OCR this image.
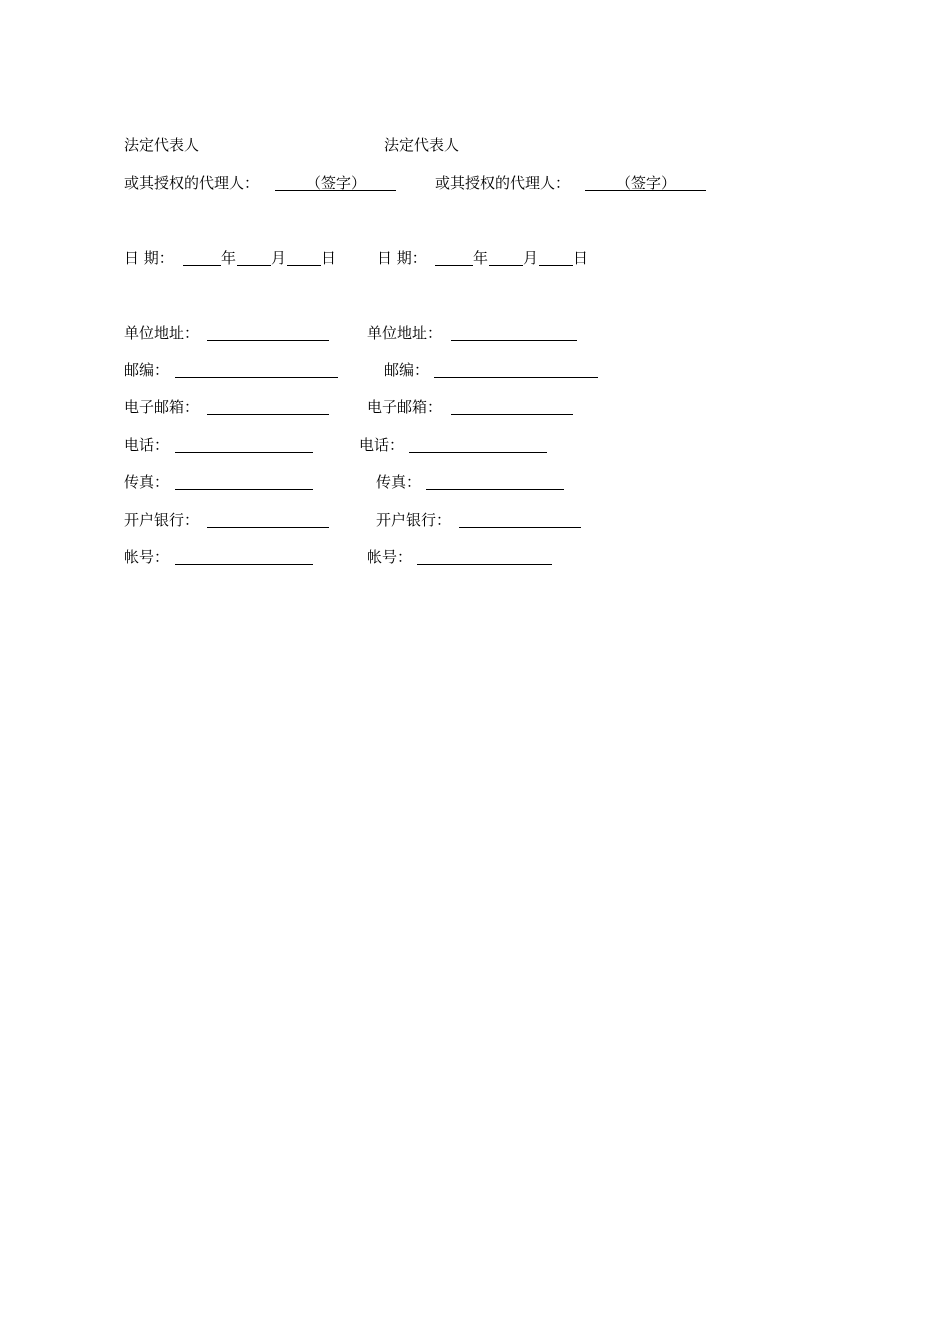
法定代表人	法定代表人
或其授权的代理人：	（签字）	或其授权的代理人：	（签字）
日 期：	年 月 日	日 期：	年 月 日
单位地址：	单位地址：
邮编：	邮编：
电子邮箱：	电子邮箱：
电话：	电话：
传真：	传真：
开户银行：	开户银行：
帐号：	帐号：
